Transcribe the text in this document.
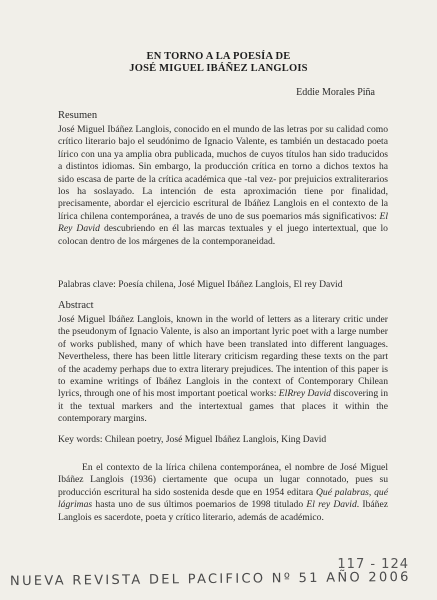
EN TORNO A LA POESÍA DE
JOSÉ MIGUEL IBÁÑEZ LANGLOIS
Eddie Morales Piña
Resumen

José Miguel Ibáñez Langlois, conocido en el mundo de las letras por su calidad como crítico literario bajo el seudónimo de Ignacio Valente, es también un destacado poeta lírico con una ya amplia obra publicada, muchos de cuyos títulos han sido traducidos a distintos idiomas. Sin embargo, la producción crítica en torno a dichos textos ha sido escasa de parte de la crítica académica que -tal vez- por prejuicios extraliterarios los ha soslayado. La intención de esta aproximación tiene por finalidad, precisamente, abordar el ejercicio escritural de Ibáñez Langlois en el contexto de la lírica chilena contemporánea, a través de uno de sus poemarios más significativos: El Rey David descubriendo en él las marcas textuales y el juego intertextual, que lo colocan dentro de los márgenes de la contemporaneidad.

Palabras clave: Poesía chilena, José Miguel Ibáñez Langlois, El rey David
Abstract

José Miguel Ibáñez Langlois, known in the world of letters as a literary critic under the pseudonym of Ignacio Valente, is also an important lyric poet with a large number of works published, many of which have been translated into different languages. Nevertheless, there has been little literary criticism regarding these texts on the part of the academy perhaps due to extra literary prejudices. The intention of this paper is to examine writings of Ibáñez Langlois in the context of Contemporary Chilean lyrics, through one of his most important poetical works: ElRrey David discovering in it the textual markers and the intertextual games that places it within the contemporary margins.

Key words: Chilean poetry, José Miguel Ibáñez Langlois, King David

En el contexto de la lírica chilena contemporánea, el nombre de José Miguel Ibáñez Langlois (1936) ciertamente que ocupa un lugar connotado, pues su producción escritural ha sido sostenida desde que en 1954 editara Qué palabras, qué lágrimas hasta uno de sus últimos poemarios de 1998 titulado El rey David. Ibáñez Langlois es sacerdote, poeta y crítico literario, además de académico.

117 - 124
NUEVA REVISTA DEL PACIFICO Nº 51 AÑO 2006
